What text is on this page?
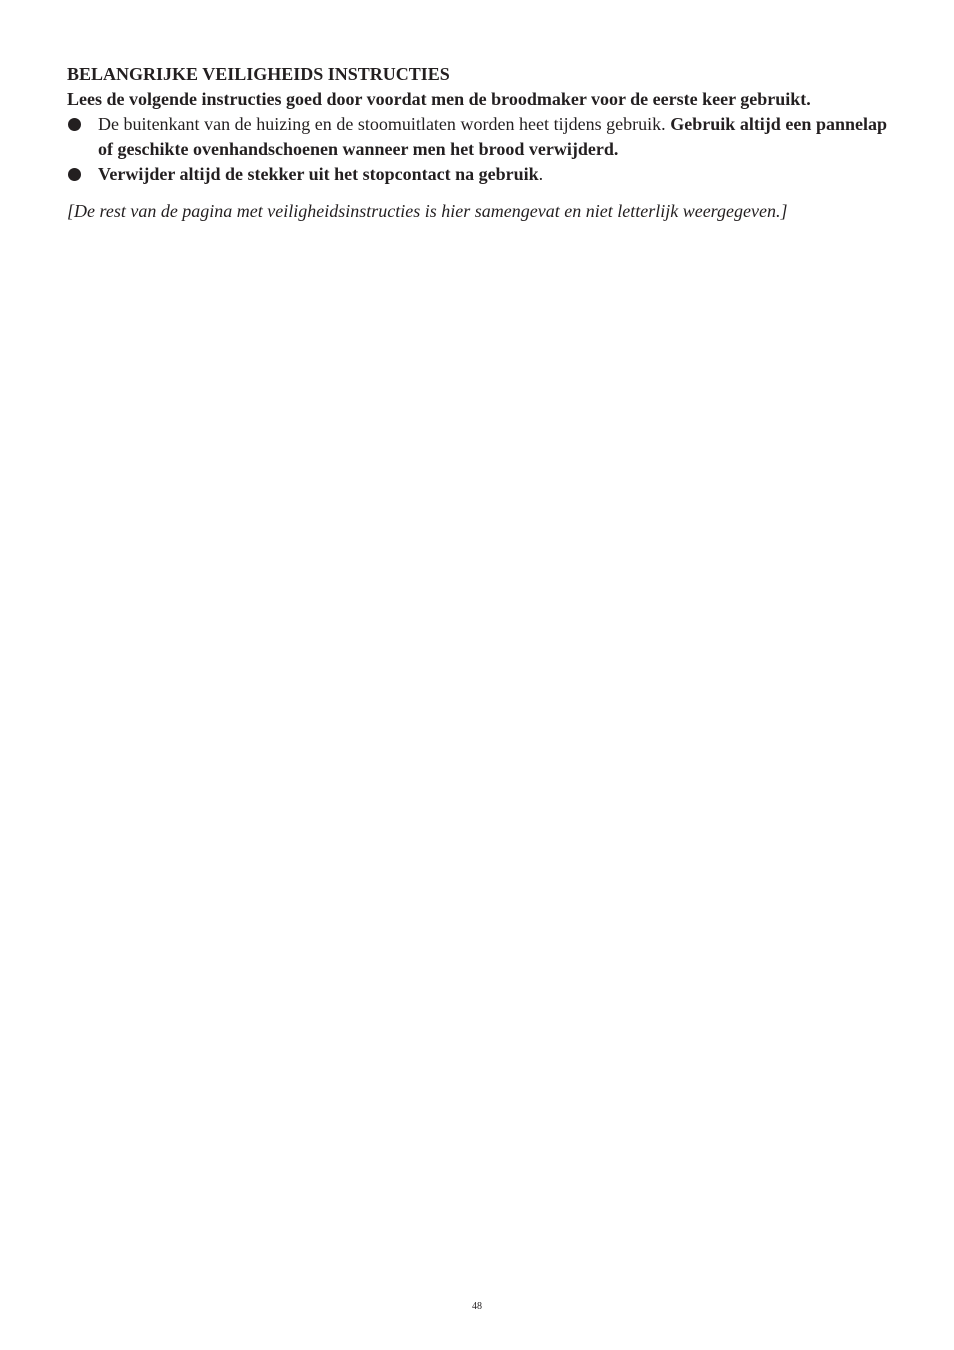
BELANGRIJKE VEILIGHEIDS INSTRUCTIES

Lees de volgende instructies goed door voordat men de broodmaker voor de eerste keer gebruikt.

De buitenkant van de huizing en de stoomuitlaten worden heet tijdens gebruik. Gebruik altijd een pannelap of geschikte ovenhandschoenen wanneer men het brood verwijderd.
Verwijder altijd de stekker uit het stopcontact na gebruik.

[De rest van de pagina met veiligheidsinstructies is hier samengevat en niet letterlijk weergegeven.]

48
